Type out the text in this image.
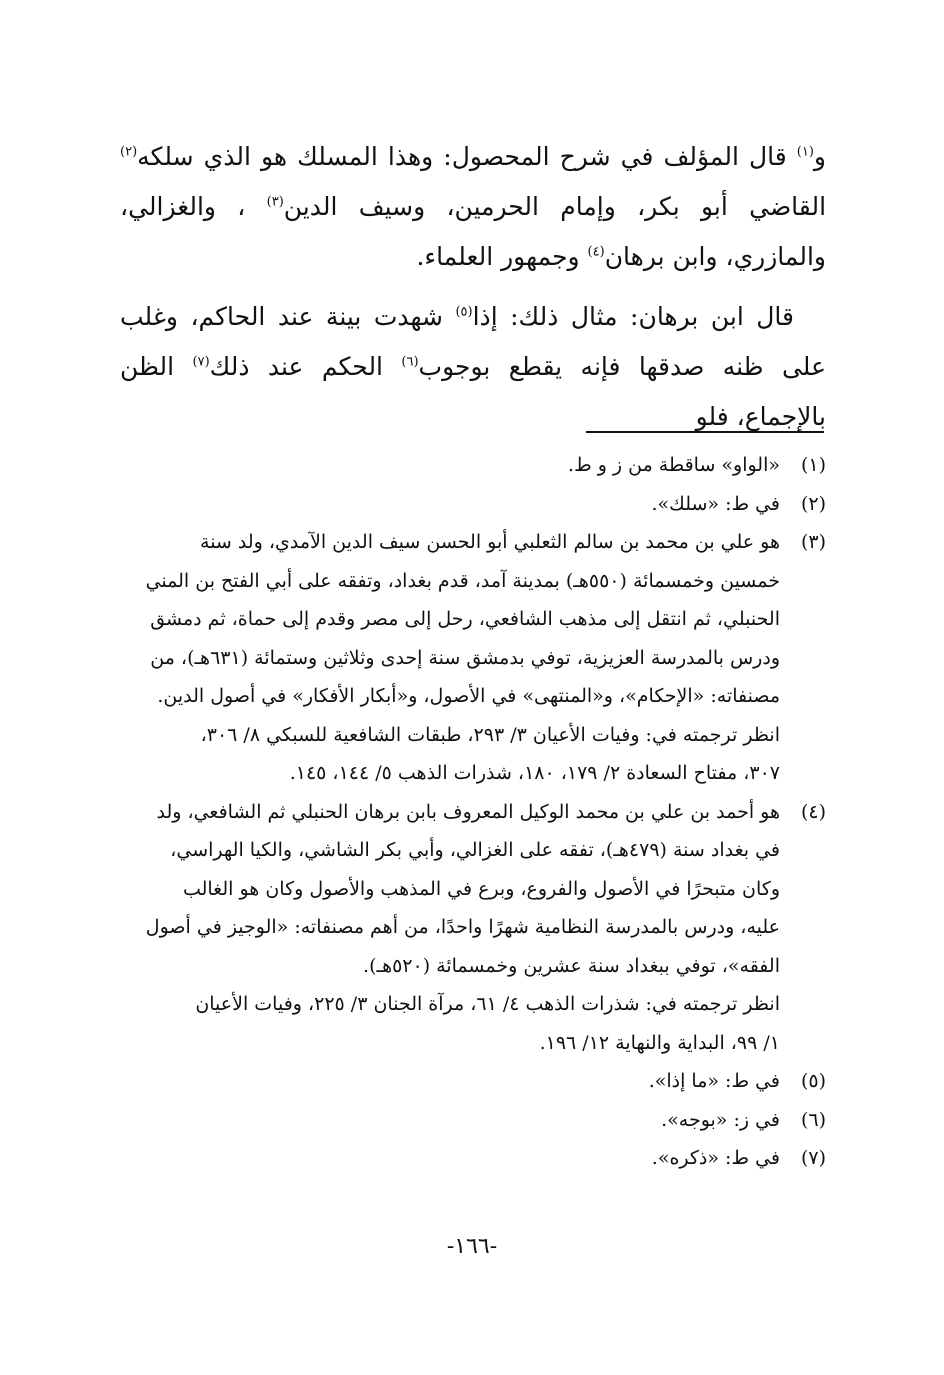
و$^{(١)}$ قال المؤلف في شرح المحصول: وهذا المسلك هو الذي سلكه$^{(٢)}$ القاضي أبو بكر، وإمام الحرمين، وسيف الدين$^{(٣)}$ ، والغزالي، والمازري، وابن برهان$^{(٤)}$ وجمهور العلماء.

قال ابن برهان: مثال ذلك: إذا$^{(٥)}$ شهدت بينة عند الحاكم، وغلب على ظنه صدقها فإنه يقطع بوجوب$^{(٦)}$ الحكم عند ذلك$^{(٧)}$ الظن بالإجماع، فلو

(١)
«الواو» ساقطة من ز و ط.
(٢)
في ط: «سلك».
(٣)
هو علي بن محمد بن سالم الثعلبي أبو الحسن سيف الدين الآمدي، ولد سنة
خمسين وخمسمائة (٥٥٠هـ) بمدينة آمد، قدم بغداد، وتفقه على أبي الفتح بن المني
الحنبلي، ثم انتقل إلى مذهب الشافعي، رحل إلى مصر وقدم إلى حماة، ثم دمشق
ودرس بالمدرسة العزيزية، توفي بدمشق سنة إحدى وثلاثين وستمائة (٦٣١هـ)، من
مصنفاته: «الإحكام»، و«المنتهى» في الأصول، و«أبكار الأفكار» في أصول الدين.
انظر ترجمته في: وفيات الأعيان ٣/ ٢٩٣، طبقات الشافعية للسبكي ٨/ ٣٠٦،
٣٠٧، مفتاح السعادة ٢/ ١٧٩، ١٨٠، شذرات الذهب ٥/ ١٤٤، ١٤٥.
(٤)
هو أحمد بن علي بن محمد الوكيل المعروف بابن برهان الحنبلي ثم الشافعي، ولد
في بغداد سنة (٤٧٩هـ)، تفقه على الغزالي، وأبي بكر الشاشي، والكيا الهراسي،
وكان متبحرًا في الأصول والفروع، وبرع في المذهب والأصول وكان هو الغالب
عليه، ودرس بالمدرسة النظامية شهرًا واحدًا، من أهم مصنفاته: «الوجيز في أصول
الفقه»، توفي ببغداد سنة عشرين وخمسمائة (٥٢٠هـ).
انظر ترجمته في: شذرات الذهب ٤/ ٦١، مرآة الجنان ٣/ ٢٢٥، وفيات الأعيان
١/ ٩٩، البداية والنهاية ١٢/ ١٩٦.
(٥)
في ط: «ما إذا».
(٦)
في ز: «بوجه».
(٧)
في ط: «ذكره».
-١٦٦-
